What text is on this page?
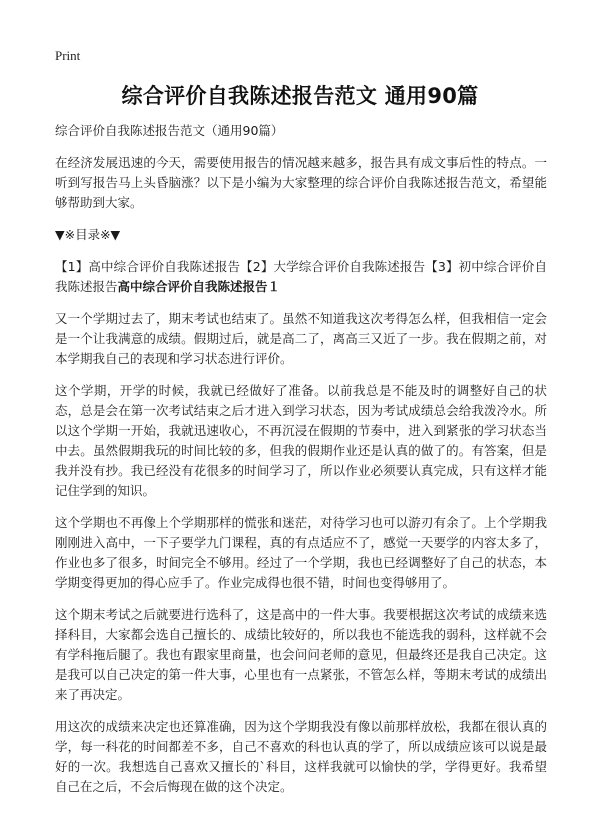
Print
综合评价自我陈述报告范文 通用90篇

综合评价自我陈述报告范文（通用90篇）

在经济发展迅速的今天，需要使用报告的情况越来越多，报告具有成文事后性的特点。一听到写报告马上头昏脑涨？以下是小编为大家整理的综合评价自我陈述报告范文，希望能够帮助到大家。

▼※目录※▼

【1】高中综合评价自我陈述报告【2】大学综合评价自我陈述报告【3】初中综合评价自我陈述报告高中综合评价自我陈述报告１

又一个学期过去了，期末考试也结束了。虽然不知道我这次考得怎么样，但我相信一定会是一个让我满意的成绩。假期过后，就是高二了，离高三又近了一步。我在假期之前，对本学期我自己的表现和学习状态进行评价。

这个学期，开学的时候，我就已经做好了准备。以前我总是不能及时的调整好自己的状态，总是会在第一次考试结束之后才进入到学习状态，因为考试成绩总会给我泼冷水。所以这个学期一开始，我就迅速收心，不再沉浸在假期的节奏中，进入到紧张的学习状态当中去。虽然假期我玩的时间比较的多，但我的假期作业还是认真的做了的。有答案，但是我并没有抄。我已经没有花很多的时间学习了，所以作业必须要认真完成，只有这样才能记住学到的知识。

这个学期也不再像上个学期那样的慌张和迷茫，对待学习也可以游刃有余了。上个学期我刚刚进入高中，一下子要学九门课程，真的有点适应不了，感觉一天要学的内容太多了，作业也多了很多，时间完全不够用。经过了一个学期，我也已经调整好了自己的状态，本学期变得更加的得心应手了。作业完成得也很不错，时间也变得够用了。

这个期末考试之后就要进行选科了，这是高中的一件大事。我要根据这次考试的成绩来选择科目，大家都会选自己擅长的、成绩比较好的，所以我也不能选我的弱科，这样就不会有学科拖后腿了。我也有跟家里商量，也会问问老师的意见，但最终还是我自己决定。这是我可以自己决定的第一件大事，心里也有一点紧张，不管怎么样，等期末考试的成绩出来了再决定。

用这次的成绩来决定也还算准确，因为这个学期我没有像以前那样放松，我都在很认真的学，每一科花的时间都差不多，自己不喜欢的科也认真的学了，所以成绩应该可以说是最好的一次。我想选自己喜欢又擅长的`科目，这样我就可以愉快的学，学得更好。我希望自己在之后，不会后悔现在做的这个决定。
